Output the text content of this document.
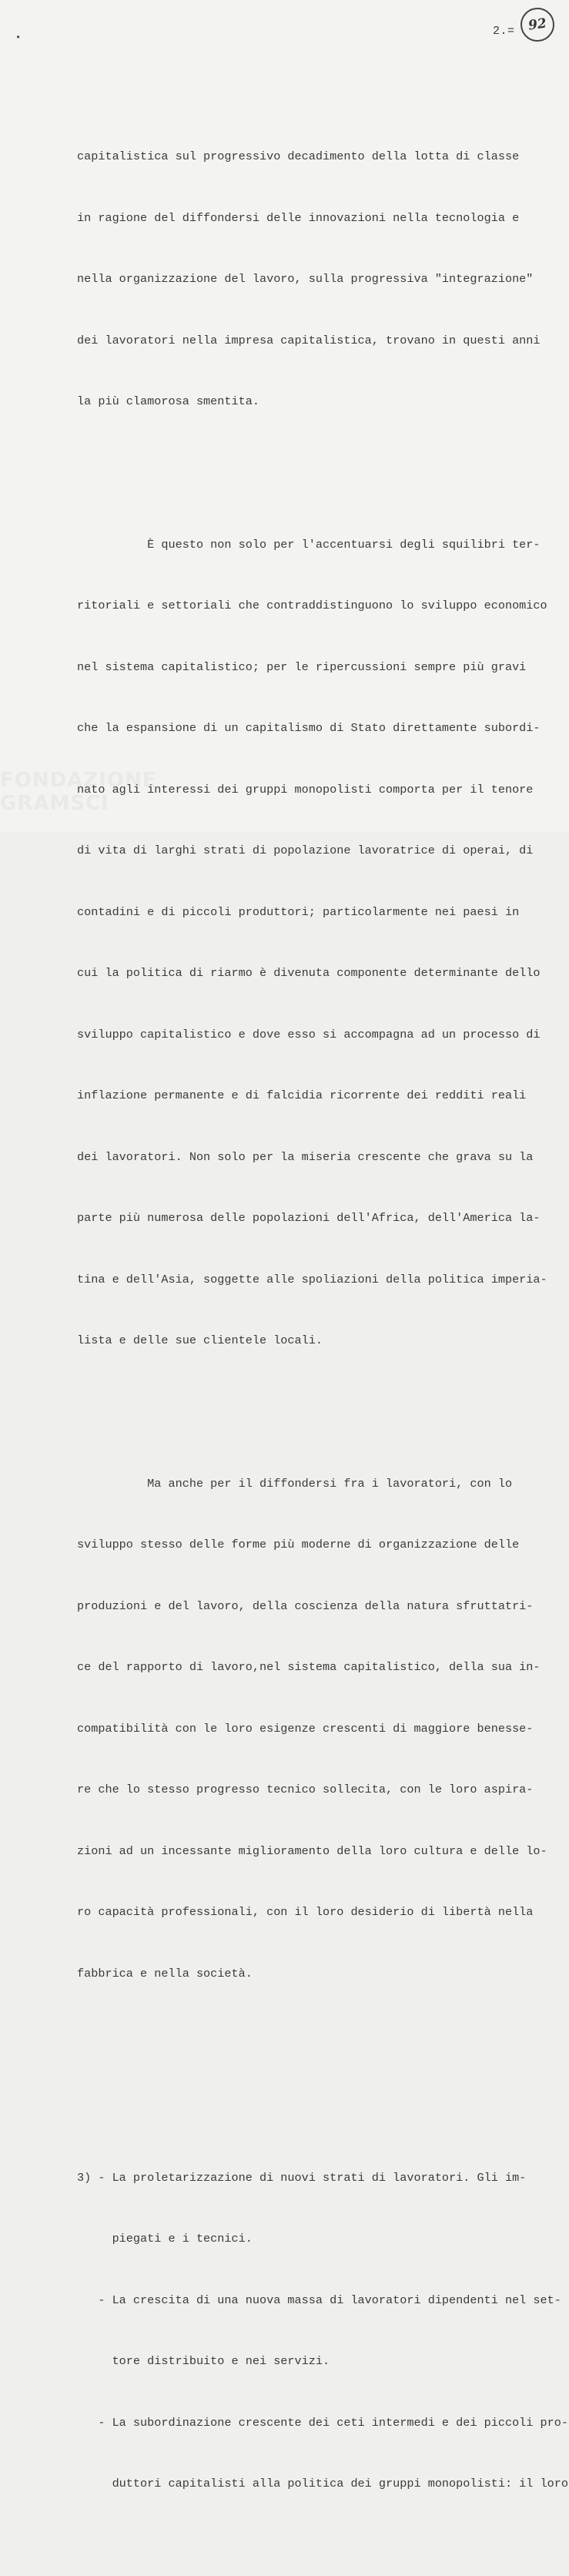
•	2.= 92

capitalistica sul progressivo decadimento della lotta di classe

in ragione del diffondersi delle innovazioni nella tecnologia e

nella organizzazione del lavoro, sulla progressiva "integrazione"

dei lavoratori nella impresa capitalistica, trovano in questi anni

la più clamorosa smentita.

È questo non solo per l'accentuarsi degli squilibri ter-

ritoriali e settoriali che contraddistinguono lo sviluppo economico

nel sistema capitalistico; per le ripercussioni sempre più gravi

che la espansione di un capitalismo di Stato direttamente subordi-

nato agli interessi dei gruppi monopolisti comporta per il tenore

di vita di larghi strati di popolazione lavoratrice di operai, di

contadini e di piccoli produttori; particolarmente nei paesi in

cui la politica di riarmo è divenuta componente determinante dello

sviluppo capitalistico e dove esso si accompagna ad un processo di

inflazione permanente e di falcidia ricorrente dei redditi reali

dei lavoratori. Non solo per la miseria crescente che grava su la

parte più numerosa delle popolazioni dell'Africa, dell'America la-

tina e dell'Asia, soggette alle spoliazioni della politica imperia-

lista e delle sue clientele locali.

Ma anche per il diffondersi fra i lavoratori, con lo

sviluppo stesso delle forme più moderne di organizzazione delle

produzioni e del lavoro, della coscienza della natura sfruttatri-

ce del rapporto di lavoro,nel sistema capitalistico, della sua in-

compatibilità con le loro esigenze crescenti di maggiore benesse-

re che lo stesso progresso tecnico sollecita, con le loro aspira-

zioni ad un incessante miglioramento della loro cultura e delle lo-

ro capacità professionali, con il loro desiderio di libertà nella

fabbrica e nella società.

3) - La proletarizzazione di nuovi strati di lavoratori. Gli im-

piegati e i tecnici.

- La crescita di una nuova massa di lavoratori dipendenti nel set-

tore distribuito e nei servizi.

- La subordinazione crescente dei ceti intermedi e dei piccoli pro-

duttori capitalisti alla politica dei gruppi monopolisti: il loro

FONDAZIONE
GRAMSCI
